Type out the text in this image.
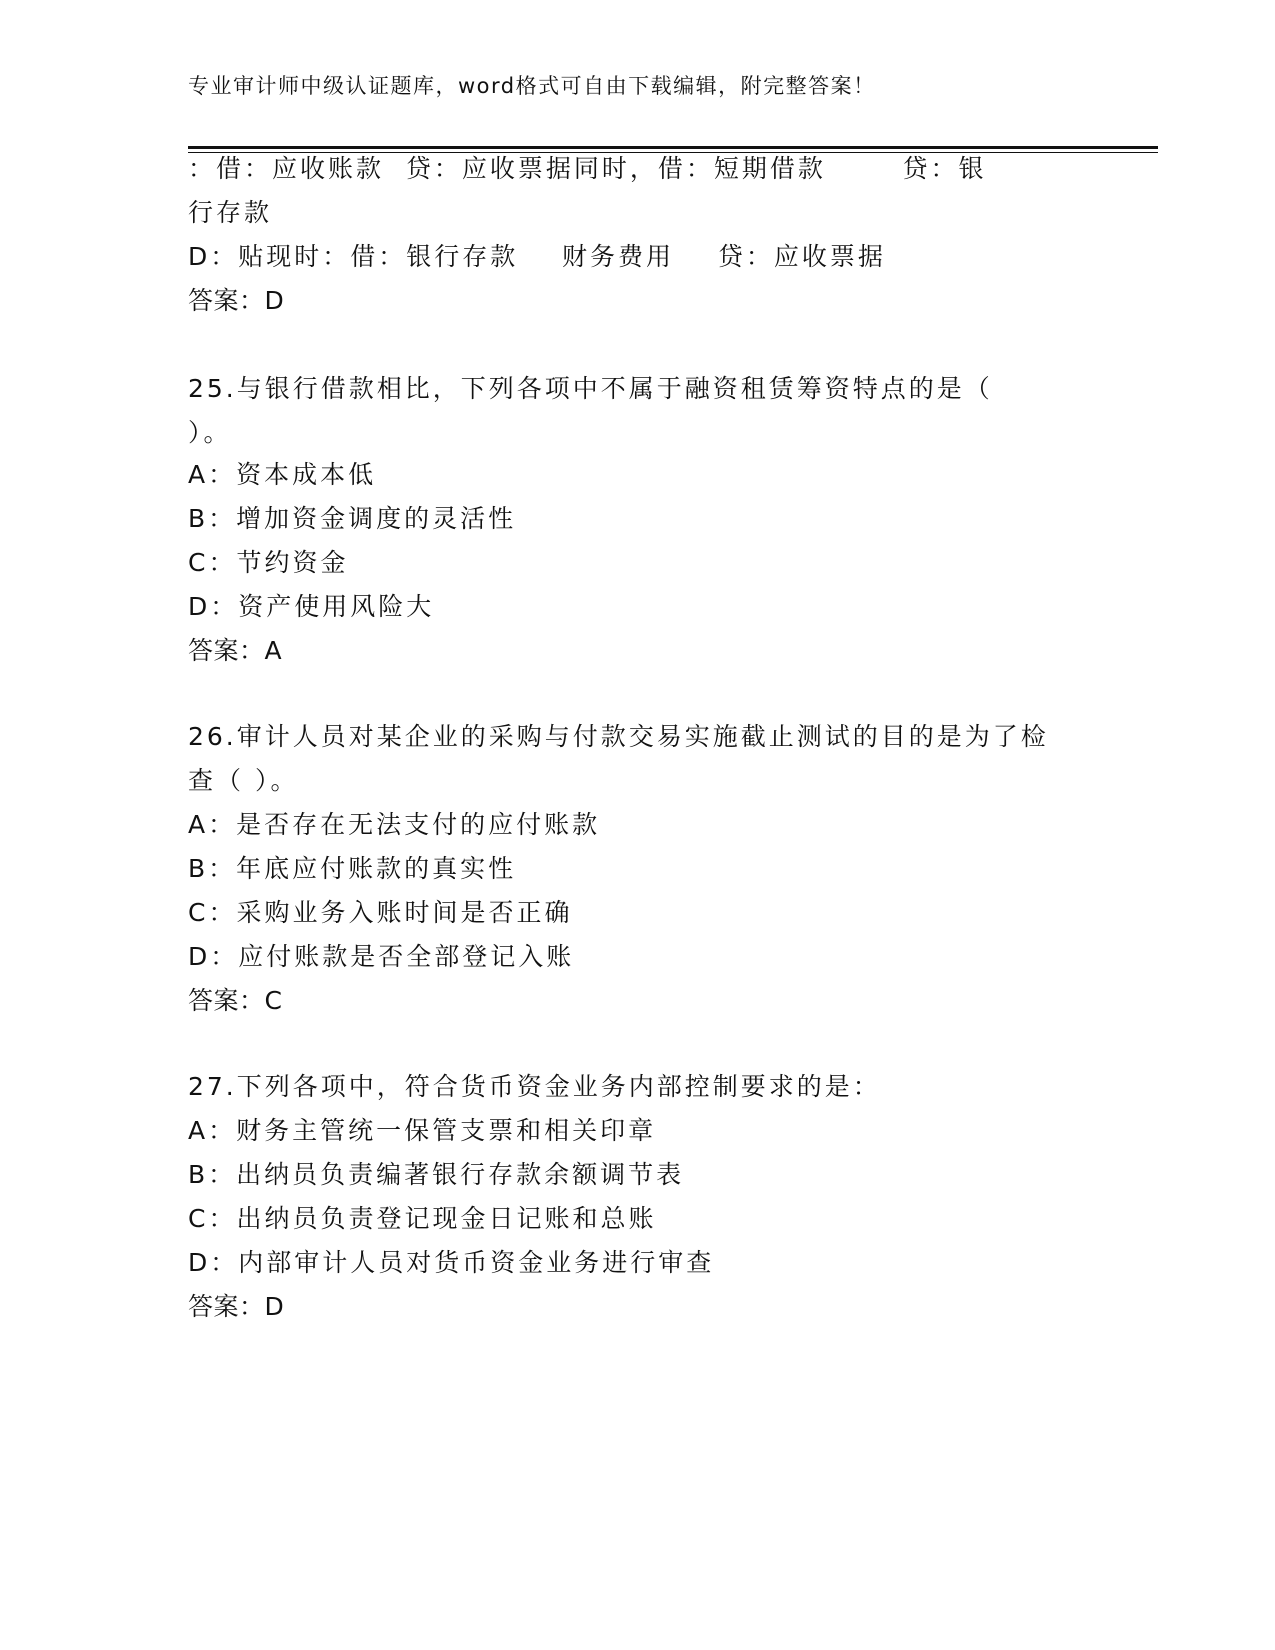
专业审计师中级认证题库，word格式可自由下载编辑，附完整答案！
：借：应收账款  贷：应收票据同时，借：短期借款       贷：银
行存款
D：贴现时：借：银行存款    财务费用    贷：应收票据
答案：D
25.与银行借款相比，下列各项中不属于融资租赁筹资特点的是（
）。
A：资本成本低
B：增加资金调度的灵活性
C：节约资金
D：资产使用风险大
答案：A
26.审计人员对某企业的采购与付款交易实施截止测试的目的是为了检
查（ ）。
A：是否存在无法支付的应付账款
B：年底应付账款的真实性
C：采购业务入账时间是否正确
D：应付账款是否全部登记入账
答案：C
27.下列各项中，符合货币资金业务内部控制要求的是：
A：财务主管统一保管支票和相关印章
B：出纳员负责编著银行存款余额调节表
C：出纳员负责登记现金日记账和总账
D：内部审计人员对货币资金业务进行审查
答案：D
